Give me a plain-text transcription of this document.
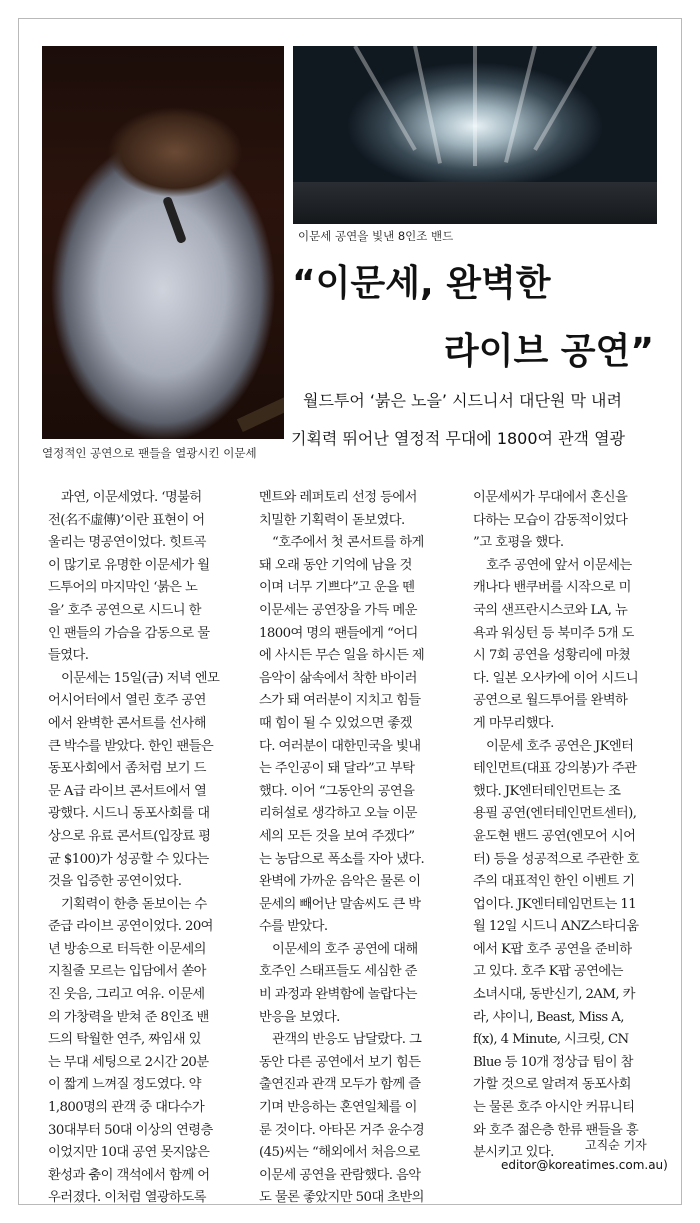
열정적인 공연으로 팬들을 열광시킨 이문세
이문세 공연을 빛낸 8인조 밴드
“이문세, 완벽한
라이브 공연”
월드투어 ‘붉은 노을’ 시드니서 대단원 막 내려
기획력 뛰어난 열정적 무대에 1800여 관객 열광

과연, 이문세였다. ‘명불허

전(名不虛傳)’이란 표현이 어

울리는 명공연이었다. 힛트곡

이 많기로 유명한 이문세가 월

드투어의 마지막인 ‘붉은 노

을’ 호주 공연으로 시드니 한

인 팬들의 가슴을 감동으로 물

들였다.

이문세는 15일(금) 저녁 엔모

어시어터에서 열린 호주 공연

에서 완벽한 콘서트를 선사해

큰 박수를 받았다. 한인 팬들은

동포사회에서 좀처럼 보기 드

문 A급 라이브 콘서트에서 열

광했다. 시드니 동포사회를 대

상으로 유료 콘서트(입장료 평

균 $100)가 성공할 수 있다는

것을 입증한 공연이었다.

기획력이 한층 돋보이는 수

준급 라이브 공연이었다. 20여

년 방송으로 터득한 이문세의

지칠줄 모르는 입담에서 쏟아

진 웃음, 그리고 여유. 이문세

의 가창력을 받쳐 준 8인조 밴

드의 탁월한 연주, 짜임새 있

는 무대 세팅으로 2시간 20분

이 짧게 느껴질 정도였다. 약

1,800명의 관객 중 대다수가

30대부터 50대 이상의 연령층

이었지만 10대 공연 못지않은

환성과 춤이 객석에서 함께 어

우러졌다. 이처럼 열광하도록

멘트와 레퍼토리 선정 등에서

치밀한 기획력이 돋보였다.

“호주에서 첫 콘서트를 하게

돼 오래 동안 기억에 남을 것

이며 너무 기쁘다”고 운을 뗀

이문세는 공연장을 가득 메운

1800여 명의 팬들에게 “어디

에 사시든 무슨 일을 하시든 제

음악이 삶속에서 착한 바이러

스가 돼 여러분이 지치고 힘들

때 힘이 될 수 있었으면 좋겠

다. 여러분이 대한민국을 빛내

는 주인공이 돼 달라”고 부탁

했다. 이어 “그동안의 공연을

리허설로 생각하고 오늘 이문

세의 모든 것을 보여 주겠다”

는 농담으로 폭소를 자아 냈다.

완벽에 가까운 음악은 물론 이

문세의 빼어난 말솜씨도 큰 박

수를 받았다.

이문세의 호주 공연에 대해

호주인 스태프들도 세심한 준

비 과정과 완벽함에 놀랍다는

반응을 보였다.

관객의 반응도 남달랐다. 그

동안 다른 공연에서 보기 힘든

출연진과 관객 모두가 함께 즐

기며 반응하는 혼연일체를 이

룬 것이다. 아타몬 거주 윤수경

(45)씨는 “해외에서 처음으로

이문세 공연을 관람했다. 음악

도 물론 좋았지만 50대 초반의

이문세씨가 무대에서 혼신을

다하는 모습이 감동적이었다

”고 호평을 했다.

호주 공연에 앞서 이문세는

캐나다 밴쿠버를 시작으로 미

국의 샌프란시스코와 LA, 뉴

욕과 워싱턴 등 북미주 5개 도

시 7회 공연을 성황리에 마쳤

다. 일본 오사카에 이어 시드니

공연으로 월드투어를 완벽하

게 마무리했다.

이문세 호주 공연은 JK엔터

테인먼트(대표 강의봉)가 주관

했다. JK엔터테인먼트는 조

용필 공연(엔터테인먼트센터),

윤도현 밴드 공연(엔모어 시어

터) 등을 성공적으로 주관한 호

주의 대표적인 한인 이벤트 기

업이다. JK엔터테임먼트는 11

월 12일 시드니 ANZ스타디움

에서 K팝 호주 공연을 준비하

고 있다. 호주 K팝 공연에는

소녀시대, 동반신기, 2AM, 카

라, 샤이니, Beast, Miss A,

f(x), 4 Minute, 시크릿, CN

Blue 등 10개 정상급 팀이 참

가할 것으로 알려져 동포사회

는 물론 호주 아시안 커뮤니티

와 호주 젊은층 한류 팬들을 흥

분시키고 있다.

고직순 기자
editor@koreatimes.com.au)
